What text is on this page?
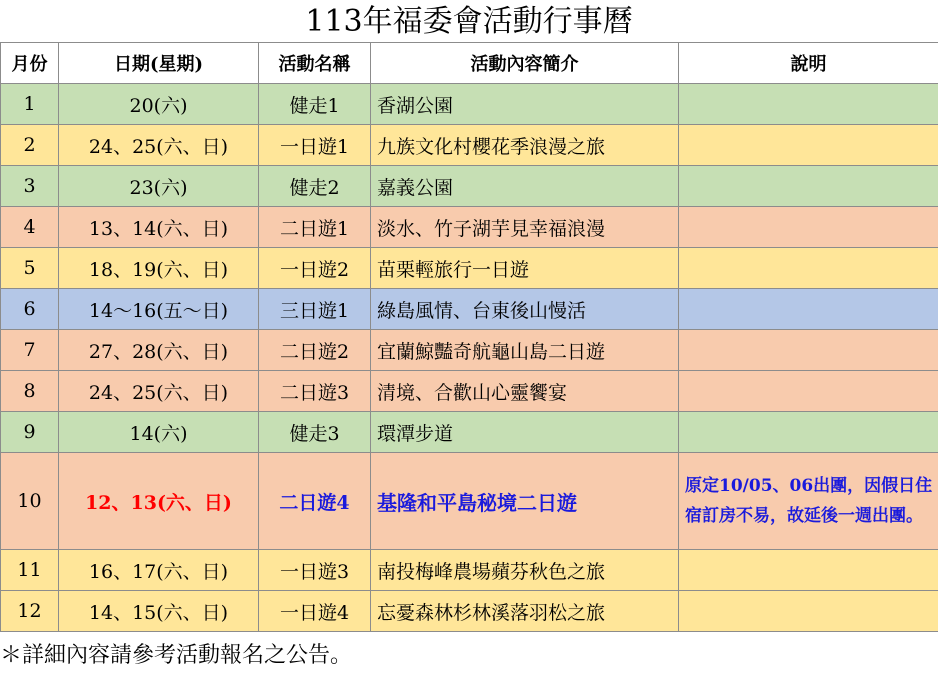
113年福委會活動行事曆
月份	日期(星期)	活動名稱	活動內容簡介	說明
1	20(六)	健走1	香湖公園	
2	24、25(六、日)	一日遊1	九族文化村櫻花季浪漫之旅	
3	23(六)	健走2	嘉義公園	
4	13、14(六、日)	二日遊1	淡水、竹子湖芋見幸福浪漫	
5	18、19(六、日)	一日遊2	苗栗輕旅行一日遊	
6	14～16(五～日)	三日遊1	綠島風情、台東後山慢活	
7	27、28(六、日)	二日遊2	宜蘭鯨豔奇航龜山島二日遊	
8	24、25(六、日)	二日遊3	清境、合歡山心靈饗宴	
9	14(六)	健走3	環潭步道	
10	12、13(六、日)	二日遊4	基隆和平島秘境二日遊	原定10/05、06出團，因假日住宿訂房不易，故延後一週出團。
11	16、17(六、日)	一日遊3	南投梅峰農場蘋芬秋色之旅	
12	14、15(六、日)	一日遊4	忘憂森林杉林溪落羽松之旅	
＊詳細內容請參考活動報名之公告。
